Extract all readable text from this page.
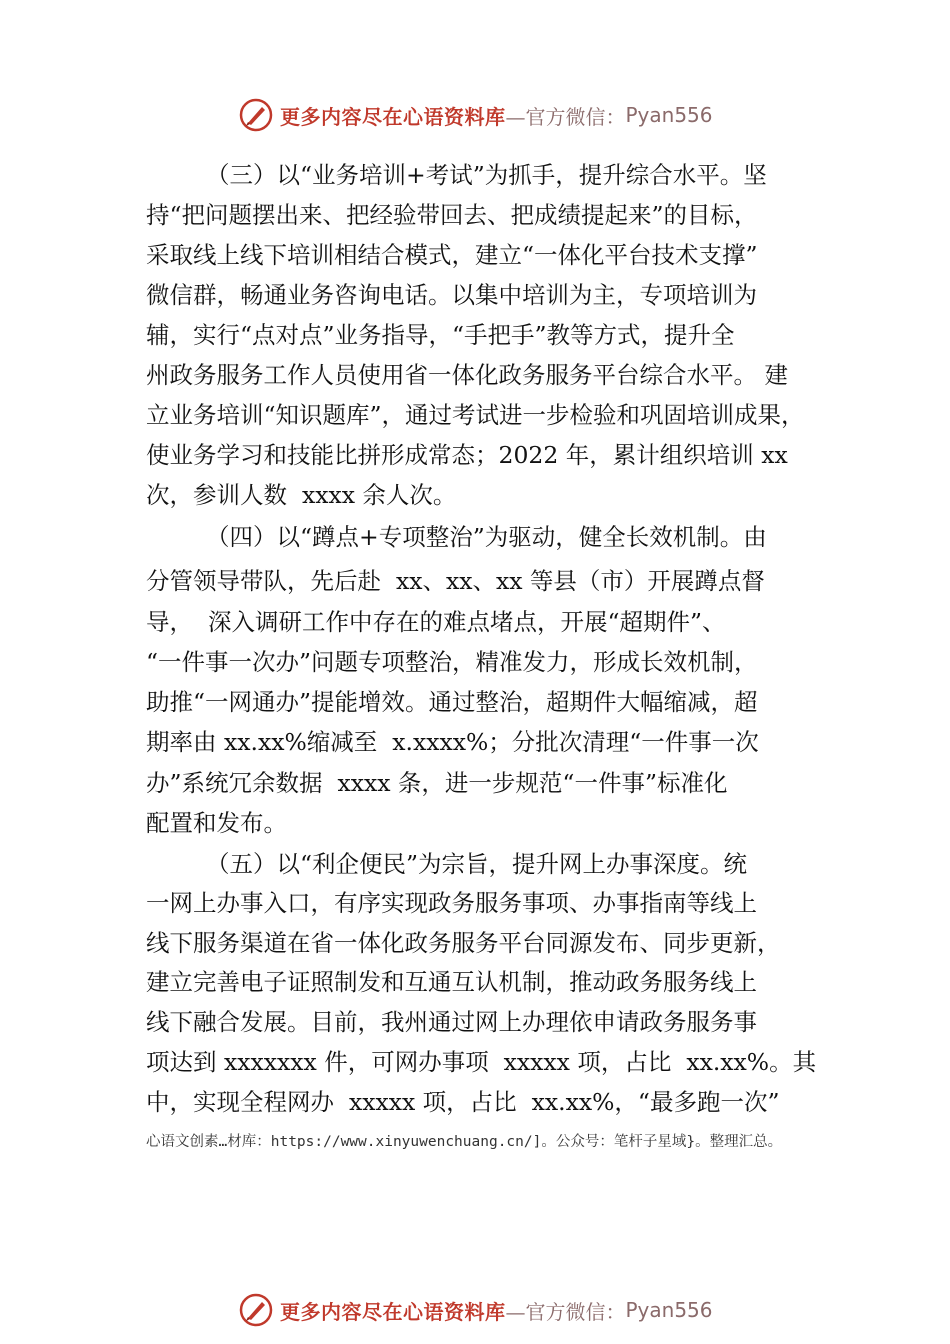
更多内容尽在心语资料库 —官方微信： Pyan556
（三）以“业务培训+考试”为抓手，提升综合水平。坚
持“把问题摆出来、把经验带回去、把成绩提起来”的目标，
采取线上线下培训相结合模式，建立“一体化平台技术支撑”
微信群，畅通业务咨询电话。以集中培训为主，专项培训为
辅，实行“点对点”业务指导，“手把手”教等方式，提升全
州政务服务工作人员使用省一体化政务服务平台综合水平。 建
立业务培训“知识题库”，通过考试进一步检验和巩固培训成果，
使业务学习和技能比拼形成常态；2022 年，累计组织培训 xx
次，参训人数  xxxx 余人次。
（四）以“蹲点+专项整治”为驱动，健全长效机制。由
分管领导带队，先后赴  xx、xx、xx 等县（市）开展蹲点督
导，  深入调研工作中存在的难点堵点，开展“超期件”、
“一件事一次办”问题专项整治，精准发力，形成长效机制，
助推“一网通办”提能增效。通过整治，超期件大幅缩减，超
期率由 xx.xx%缩减至  x.xxxx%；分批次清理“一件事一次
办”系统冗余数据  xxxx 条，进一步规范“一件事”标准化
配置和发布。
（五）以“利企便民”为宗旨，提升网上办事深度。统
一网上办事入口，有序实现政务服务事项、办事指南等线上
线下服务渠道在省一体化政务服务平台同源发布、同步更新，
建立完善电子证照制发和互通互认机制，推动政务服务线上
线下融合发展。目前，我州通过网上办理依申请政务服务事
项达到 xxxxxxx 件，可网办事项  xxxxx 项，占比  xx.xx%。其
中，实现全程网办  xxxxx 项，占比  xx.xx%，“最多跑一次”
心语文创素…材库：https://www.xinyuwenchuang.cn/]。公众号：笔杆子星域}。整理汇总。
更多内容尽在心语资料库 —官方微信： Pyan556
